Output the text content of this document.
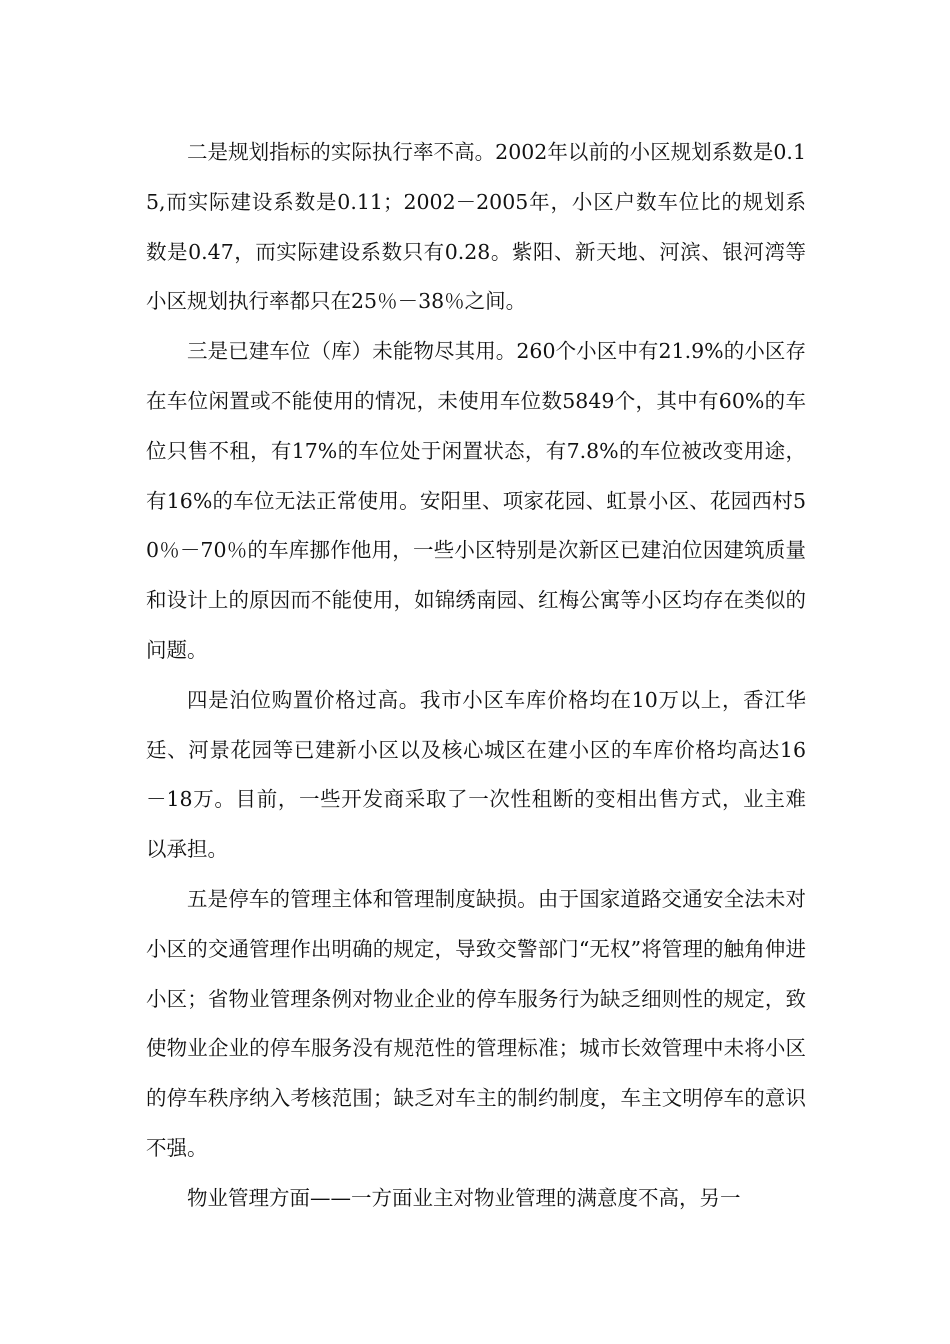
二是规划指标的实际执行率不高。2002年以前的小区规划系数是0.15,而实际建设系数是0.11；2002－2005年，小区户数车位比的规划系数是0.47，而实际建设系数只有0.28。紫阳、新天地、河滨、银河湾等小区规划执行率都只在25％－38％之间。

三是已建车位（库）未能物尽其用。260个小区中有21.9%的小区存在车位闲置或不能使用的情况，未使用车位数5849个，其中有60%的车位只售不租，有17%的车位处于闲置状态，有7.8%的车位被改变用途，有16%的车位无法正常使用。安阳里、项家花园、虹景小区、花园西村50％－70％的车库挪作他用，一些小区特别是次新区已建泊位因建筑质量和设计上的原因而不能使用，如锦绣南园、红梅公寓等小区均存在类似的问题。

四是泊位购置价格过高。我市小区车库价格均在10万以上，香江华廷、河景花园等已建新小区以及核心城区在建小区的车库价格均高达16－18万。目前，一些开发商采取了一次性租断的变相出售方式，业主难以承担。

五是停车的管理主体和管理制度缺损。由于国家道路交通安全法未对小区的交通管理作出明确的规定，导致交警部门“无权”将管理的触角伸进小区；省物业管理条例对物业企业的停车服务行为缺乏细则性的规定，致使物业企业的停车服务没有规范性的管理标准；城市长效管理中未将小区的停车秩序纳入考核范围；缺乏对车主的制约制度，车主文明停车的意识不强。

物业管理方面——一方面业主对物业管理的满意度不高，另一
